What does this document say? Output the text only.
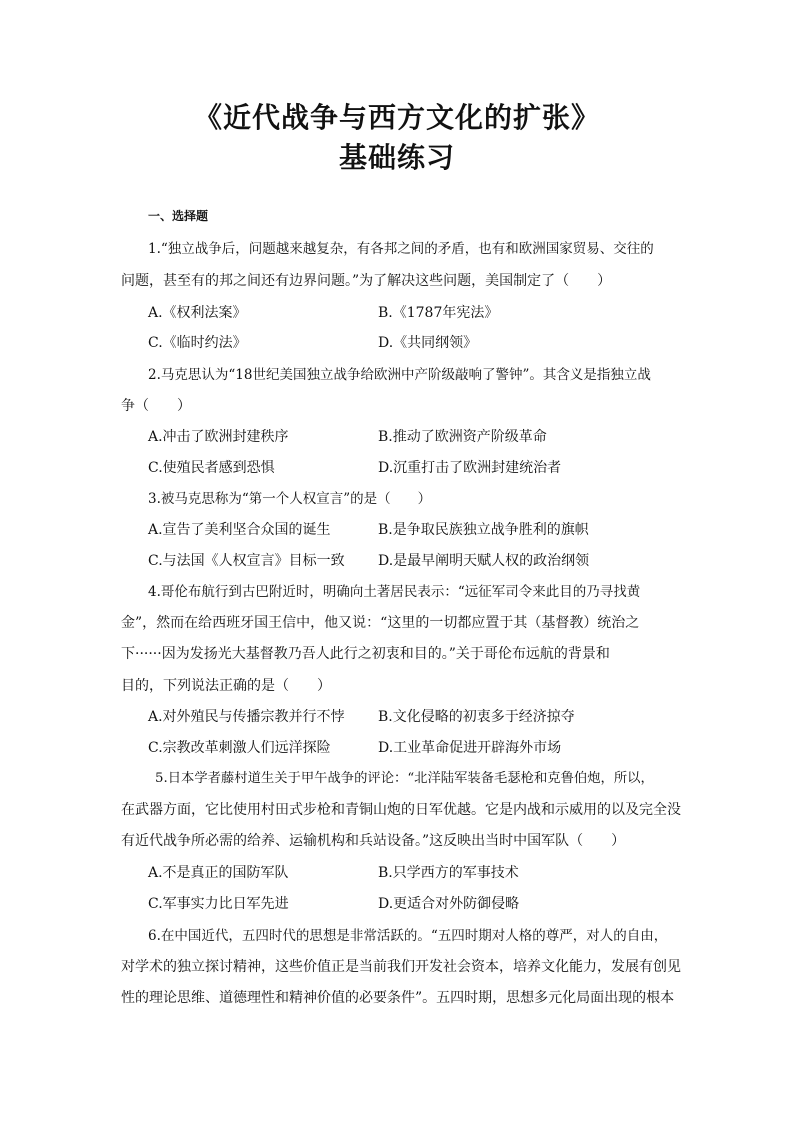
《近代战争与西方文化的扩张》
基础练习
一、选择题
1.“独立战争后，问题越来越复杂，有各邦之间的矛盾，也有和欧洲国家贸易、交往的
问题，甚至有的邦之间还有边界问题。”为了解决这些问题，美国制定了（　　）
A.《权利法案》	B.《1787年宪法》
C.《临时约法》	D.《共同纲领》
2.马克思认为“18世纪美国独立战争给欧洲中产阶级敲响了警钟”。其含义是指独立战
争（　　）
A.冲击了欧洲封建秩序	B.推动了欧洲资产阶级革命
C.使殖民者感到恐惧	D.沉重打击了欧洲封建统治者
3.被马克思称为“第一个人权宣言”的是（　　）
A.宣告了美利坚合众国的诞生	B.是争取民族独立战争胜利的旗帜
C.与法国《人权宣言》目标一致 D.是最早阐明天赋人权的政治纲领
4.哥伦布航行到古巴附近时，明确向土著居民表示：“远征军司令来此目的乃寻找黄
金”，然而在给西班牙国王信中，他又说：“这里的一切都应置于其（基督教）统治之
下······因为发扬光大基督教乃吾人此行之初衷和目的。”关于哥伦布远航的背景和
目的，下列说法正确的是（　　）
A.对外殖民与传播宗教并行不悖 B.文化侵略的初衷多于经济掠夺
C.宗教改革刺激人们远洋探险	D.工业革命促进开辟海外市场
5.日本学者藤村道生关于甲午战争的评论：“北洋陆军装备毛瑟枪和克鲁伯炮，所以，
在武器方面，它比使用村田式步枪和青铜山炮的日军优越。它是内战和示威用的以及完全没
有近代战争所必需的给养、运输机构和兵站设备。”这反映出当时中国军队（　　）
A.不是真正的国防军队	B.只学西方的军事技术
C.军事实力比日军先进	D.更适合对外防御侵略
6.在中国近代，五四时代的思想是非常活跃的。“五四时期对人格的尊严，对人的自由，
对学术的独立探讨精神，这些价值正是当前我们开发社会资本，培养文化能力，发展有创见
性的理论思维、道德理性和精神价值的必要条件”。五四时期，思想多元化局面出现的根本
